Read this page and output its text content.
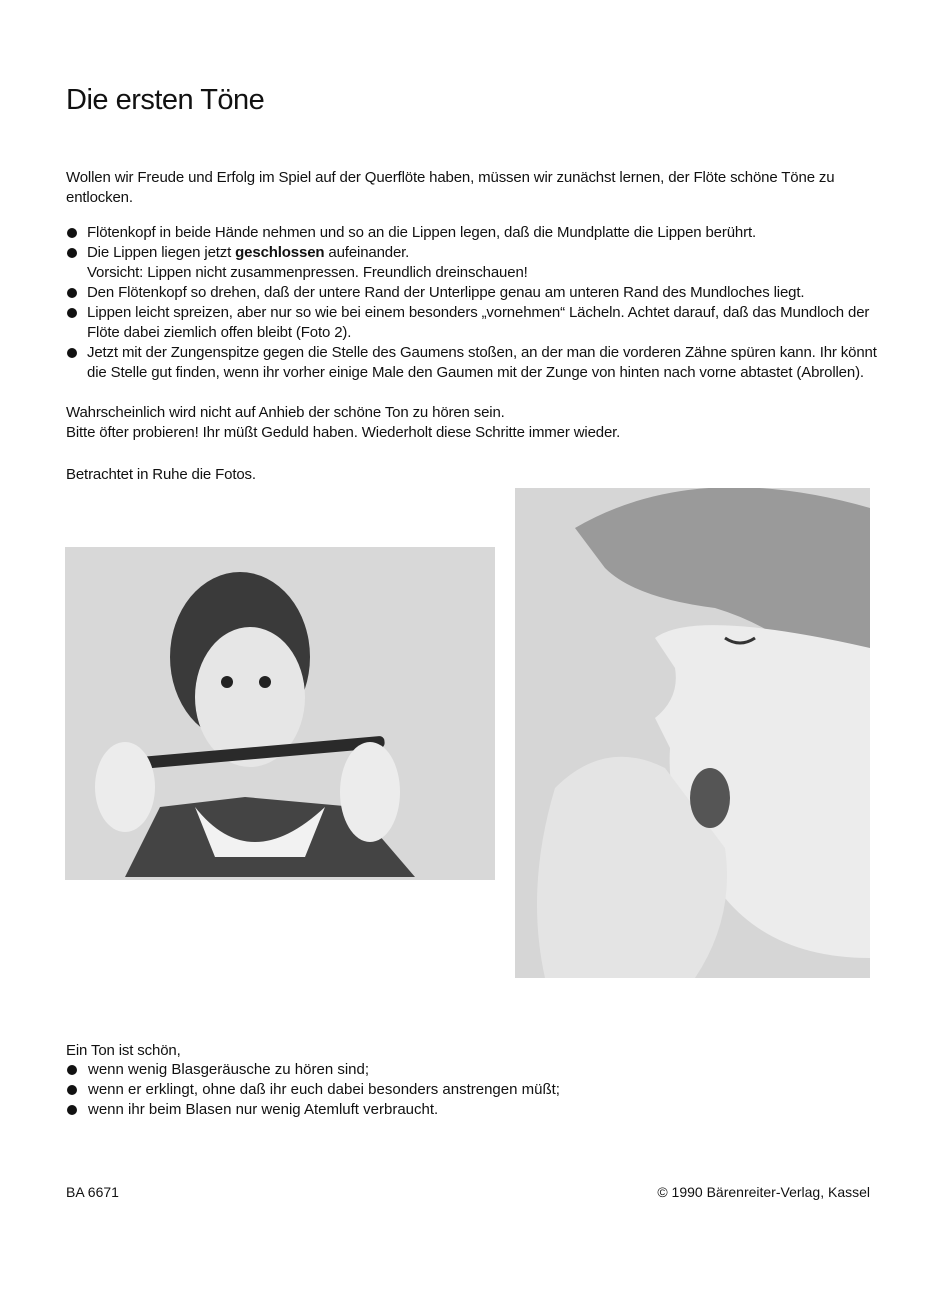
Die ersten Töne

Wollen wir Freude und Erfolg im Spiel auf der Querflöte haben, müssen wir zunächst lernen, der Flöte schöne Töne zu entlocken.

Flötenkopf in beide Hände nehmen und so an die Lippen legen, daß die Mundplatte die Lippen berührt.
Die Lippen liegen jetzt geschlossen aufeinander.
Vorsicht: Lippen nicht zusammenpressen. Freundlich dreinschauen!
Den Flötenkopf so drehen, daß der untere Rand der Unterlippe genau am unteren Rand des Mundloches liegt.
Lippen leicht spreizen, aber nur so wie bei einem besonders „vornehmen“ Lächeln. Achtet darauf, daß das Mundloch der Flöte dabei ziemlich offen bleibt (Foto 2).
Jetzt mit der Zungenspitze gegen die Stelle des Gaumens stoßen, an der man die vorderen Zähne spüren kann. Ihr könnt die Stelle gut finden, wenn ihr vorher einige Male den Gaumen mit der Zunge von hinten nach vorne abtastet (Abrollen).
Wahrscheinlich wird nicht auf Anhieb der schöne Ton zu hören sein.
Bitte öfter probieren! Ihr müßt Geduld haben. Wiederholt diese Schritte immer wieder.
Betrachtet in Ruhe die Fotos.
Ein Ton ist schön,
wenn wenig Blasgeräusche zu hören sind;
wenn er erklingt, ohne daß ihr euch dabei besonders anstrengen müßt;
wenn ihr beim Blasen nur wenig Atemluft verbraucht.
BA 6671	© 1990 Bärenreiter-Verlag, Kassel
